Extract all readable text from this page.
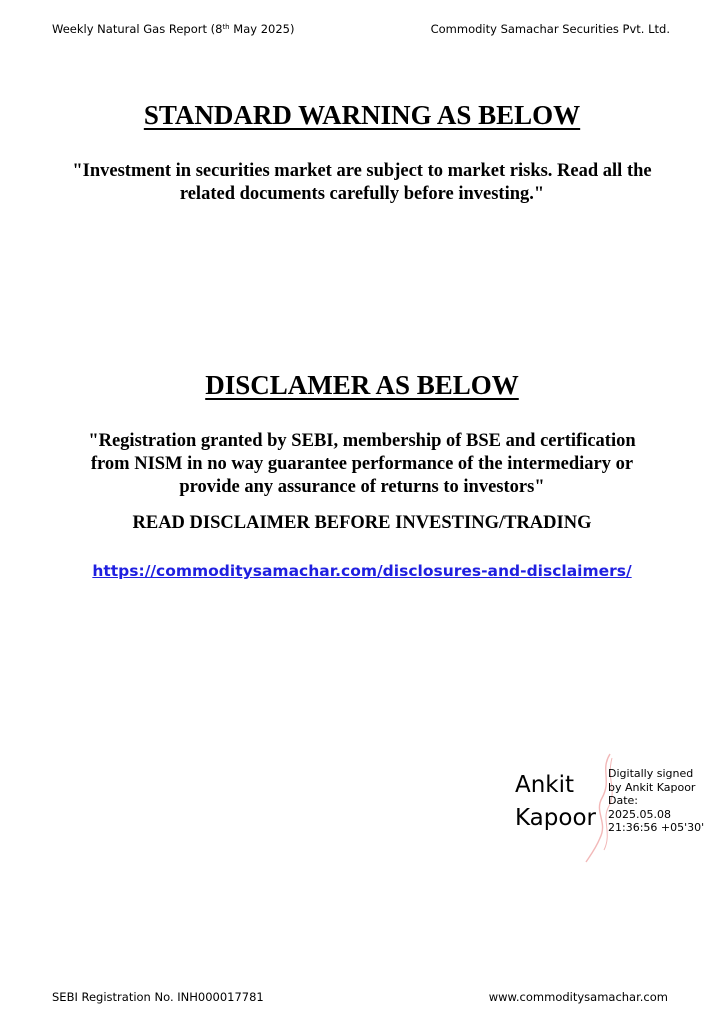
Weekly Natural Gas Report (8th May 2025)	Commodity Samachar Securities Pvt. Ltd.
STANDARD WARNING AS BELOW

"Investment in securities market are subject to market risks. Read all the
related documents carefully before investing."

DISCLAMER AS BELOW

"Registration granted by SEBI, membership of BSE and certification
from NISM in no way guarantee performance of the intermediary or
provide any assurance of returns to investors"

READ DISCLAIMER BEFORE INVESTING/TRADING

https://commoditysamachar.com/disclosures-and-disclaimers/
Ankit
Kapoor
Digitally signed
by Ankit Kapoor
Date:
2025.05.08
21:36:56 +05'30'
SEBI Registration No. INH000017781	www.commoditysamachar.com
